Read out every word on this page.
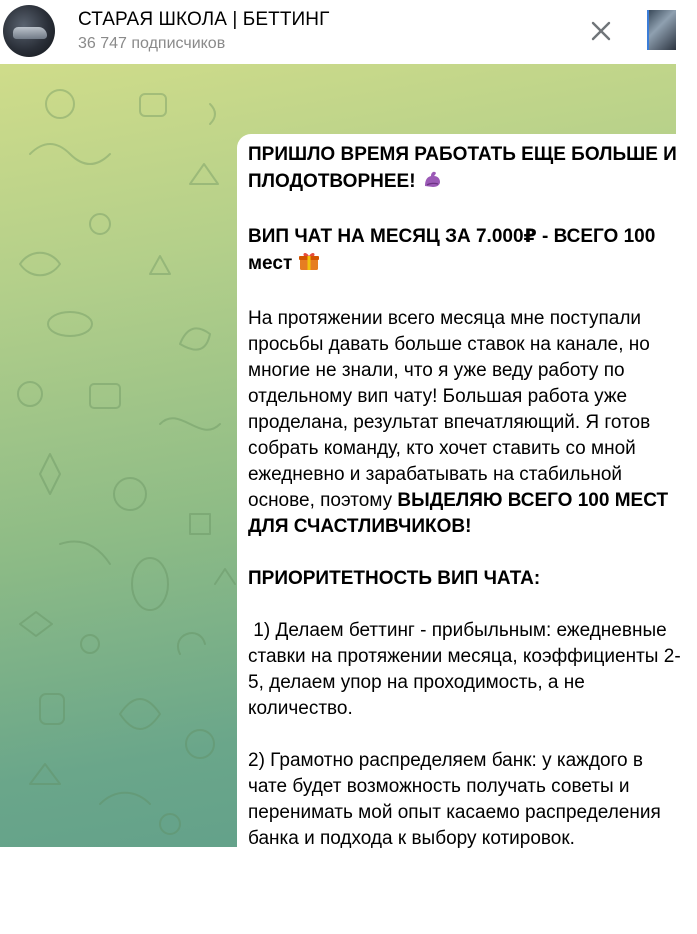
СТАРАЯ ШКОЛА | БЕТТИНГ
36 747 подписчиков

ПРИШЛО ВРЕМЯ РАБОТАТЬ ЕЩЕ БОЛЬШЕ И ПЛОДОТВОРНЕЕ!

ВИП ЧАТ НА МЕСЯЦ ЗА 7.000₽ - ВСЕГО 100 мест

На протяжении всего месяца мне поступали просьбы давать больше ставок на канале, но многие не знали, что я уже веду работу по отдельному вип чату! Большая работа уже проделана, результат впечатляющий. Я готов собрать команду, кто хочет ставить со мной ежедневно и зарабатывать на стабильной основе, поэтому ВЫДЕЛЯЮ ВСЕГО 100 МЕСТ ДЛЯ СЧАСТЛИВЧИКОВ!

ПРИОРИТЕТНОСТЬ ВИП ЧАТА:

1) Делаем беттинг - прибыльным: ежедневные ставки на протяжении месяца, коэффициенты 2-5, делаем упор на проходимость, а не количество.

2) Грамотно распределяем банк: у каждого в чате будет возможность получать советы и перенимать мой опыт касаемо распределения банка и подхода к выбору котировок.
